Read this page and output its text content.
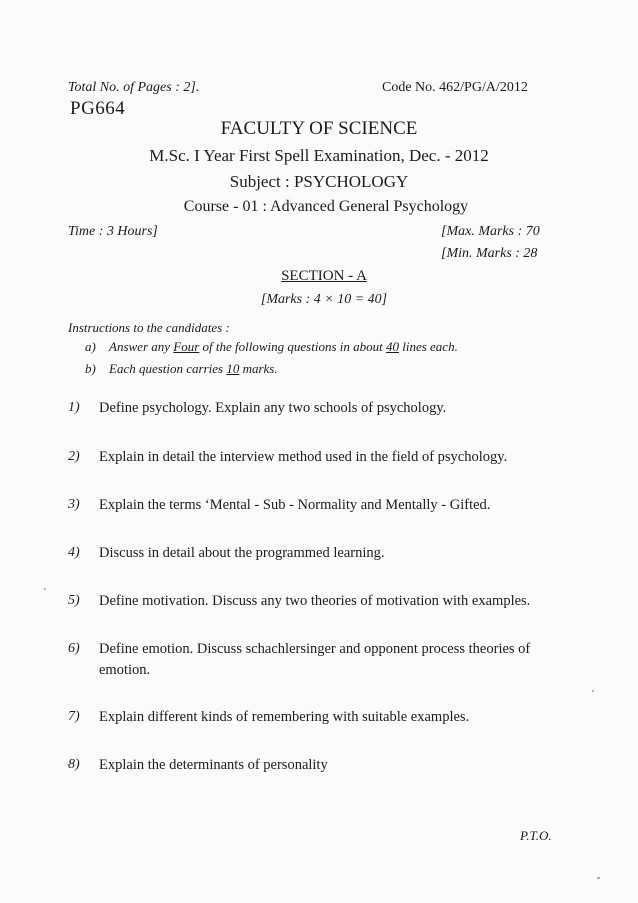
Total No. of Pages : 2].	Code No. 462/PG/A/2012
PG664
FACULTY OF SCIENCE
M.Sc. I Year First Spell Examination, Dec. - 2012
Subject : PSYCHOLOGY
Course - 01 : Advanced General Psychology
Time : 3 Hours]	[Max. Marks : 70
[Min. Marks : 28
SECTION - A
[Marks : 4 × 10 = 40]
Instructions to the candidates :
a) Answer any Four of the following questions in about 40 lines each.
b) Each question carries 10 marks.
1) Define psychology. Explain any two schools of psychology.
2) Explain in detail the interview method used in the field of psychology.
3) Explain the terms ‘Mental - Sub - Normality and Mentally - Gifted.
4) Discuss in detail about the programmed learning.
5) Define motivation. Discuss any two theories of motivation with examples.
6) Define emotion. Discuss schachlersinger and opponent process theories of
emotion.
7) Explain different kinds of remembering with suitable examples.
8) Explain the determinants of personality
P.T.O.
